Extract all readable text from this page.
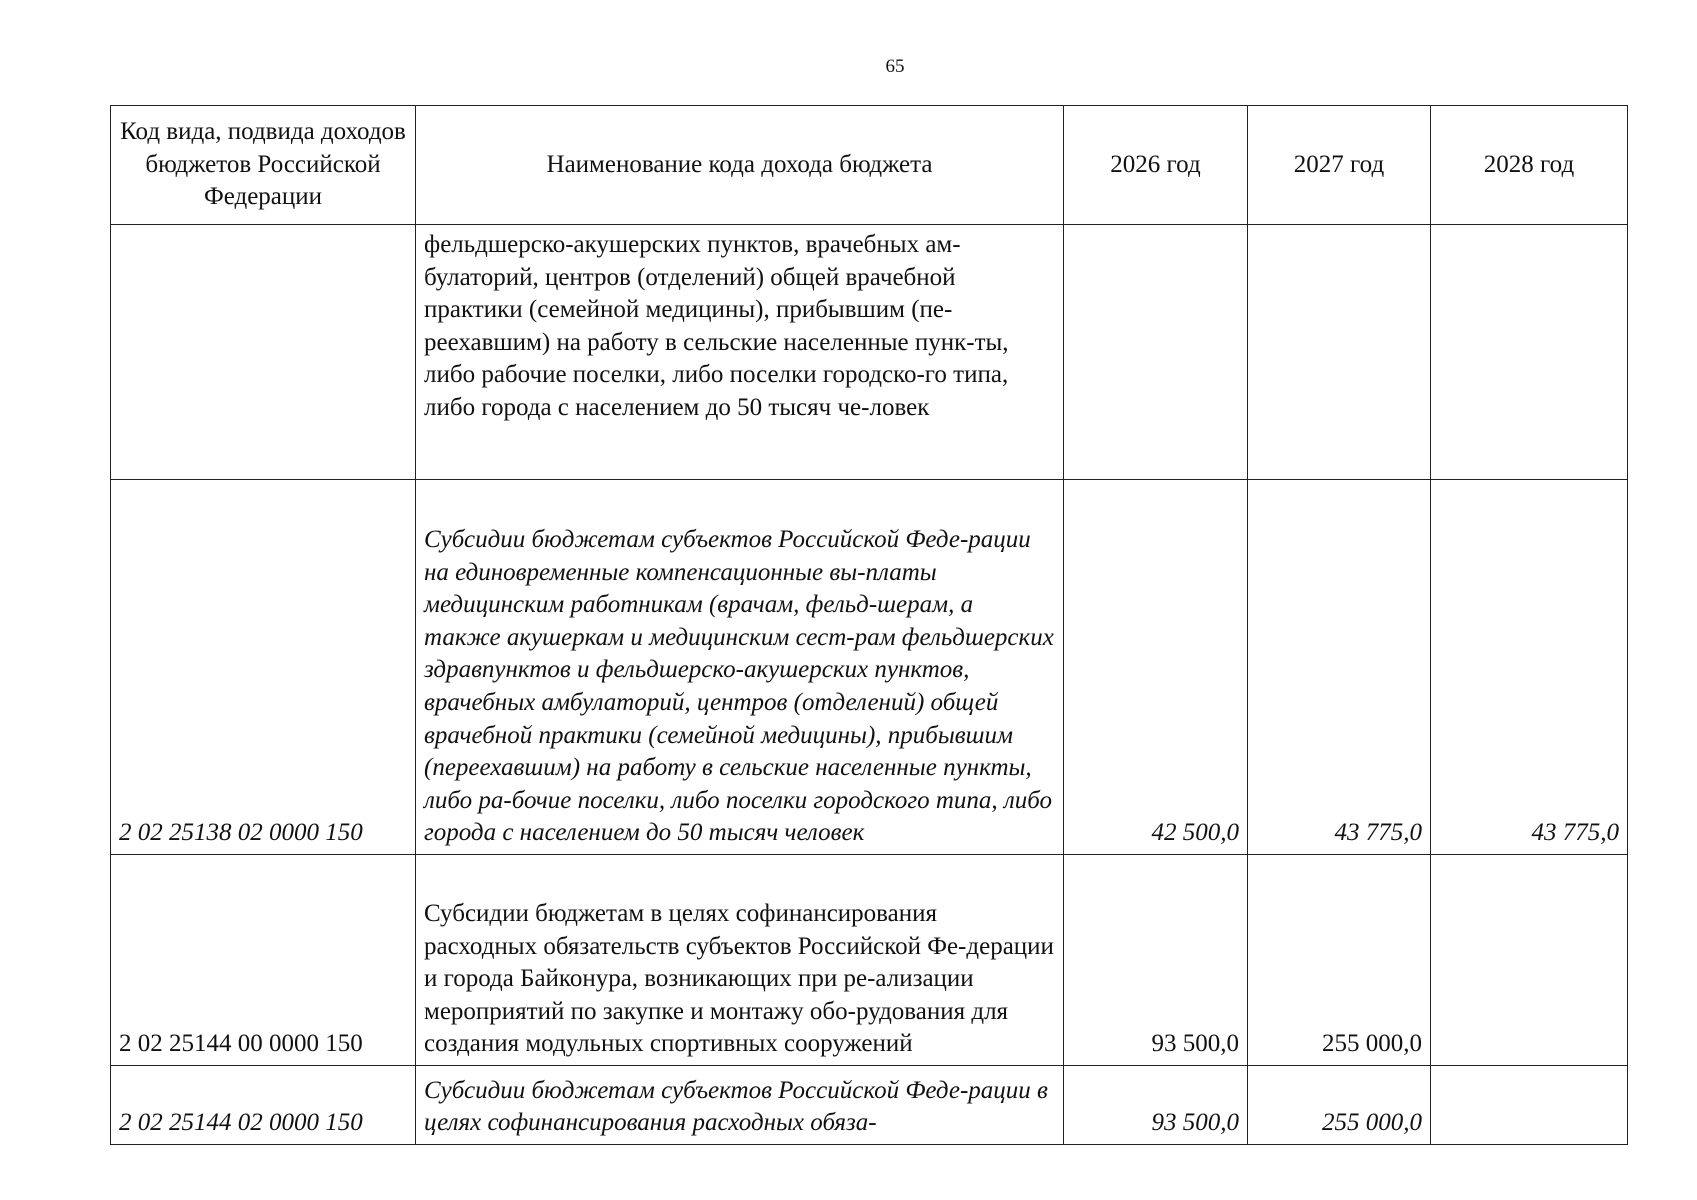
65
Код вида, подвида доходов бюджетов Российской Федерации	Наименование кода дохода бюджета	2026 год	2027 год	2028 год
	фельдшерско-акушерских пунктов, врачебных ам-булаторий, центров (отделений) общей врачебной практики (семейной медицины), прибывшим (пе-реехавшим) на работу в сельские населенные пунк-ты, либо рабочие поселки, либо поселки городско-го типа, либо города с населением до 50 тысяч че-ловек			
2 02 25138 02 0000 150	Субсидии бюджетам субъектов Российской Феде-рации на единовременные компенсационные вы-платы медицинским работникам (врачам, фельд-шерам, а также акушеркам и медицинским сест-рам фельдшерских здравпунктов и фельдшерско-акушерских пунктов, врачебных амбулаторий, центров (отделений) общей врачебной практики (семейной медицины), прибывшим (переехавшим) на работу в сельские населенные пункты, либо ра-бочие поселки, либо поселки городского типа, либо города с населением до 50 тысяч человек	42 500,0	43 775,0	43 775,0
2 02 25144 00 0000 150	Субсидии бюджетам в целях софинансирования расходных обязательств субъектов Российской Фе-дерации и города Байконура, возникающих при ре-ализации мероприятий по закупке и монтажу обо-рудования для создания модульных спортивных сооружений	93 500,0	255 000,0	
2 02 25144 02 0000 150	Субсидии бюджетам субъектов Российской Феде-рации в целях софинансирования расходных обяза-	93 500,0	255 000,0	
